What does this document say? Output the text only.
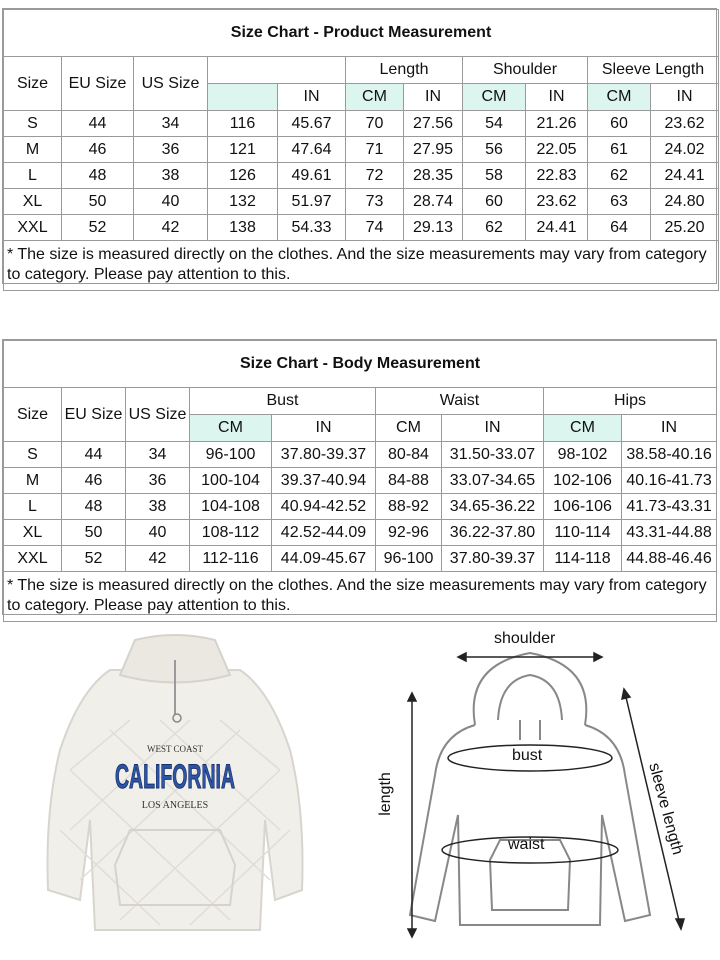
Size Chart - Product Measurement										
Size	EU Size	US Size			Length		Shoulder		Sleeve Length	
				IN	CM	IN	CM	IN	CM	IN
S	44	34	116	45.67	70	27.56	54	21.26	60	23.62
M	46	36	121	47.64	71	27.95	56	22.05	61	24.02
L	48	38	126	49.61	72	28.35	58	22.83	62	24.41
XL	50	40	132	51.97	73	28.74	60	23.62	63	24.80
XXL	52	42	138	54.33	74	29.13	62	24.41	64	25.20
* The size is measured directly on the clothes. And the size measurements may vary from category to category. Please pay attention to this.										
Size Chart - Body Measurement								
Size	EU Size	US Size	Bust		Waist		Hips	
			CM	IN	CM	IN	CM	IN
S	44	34	96-100	37.80-39.37	80-84	31.50-33.07	98-102	38.58-40.16
M	46	36	100-104	39.37-40.94	84-88	33.07-34.65	102-106	40.16-41.73
L	48	38	104-108	40.94-42.52	88-92	34.65-36.22	106-106	41.73-43.31
XL	50	40	108-112	42.52-44.09	92-96	36.22-37.80	110-114	43.31-44.88
XXL	52	42	112-116	44.09-45.67	96-100	37.80-39.37	114-118	44.88-46.46
* The size is measured directly on the clothes. And the size measurements may vary from category to category. Please pay attention to this.								
WEST COAST
CALIFORNIA
LOS ANGELES
shoulder
bust
waist
length	sleeve length
